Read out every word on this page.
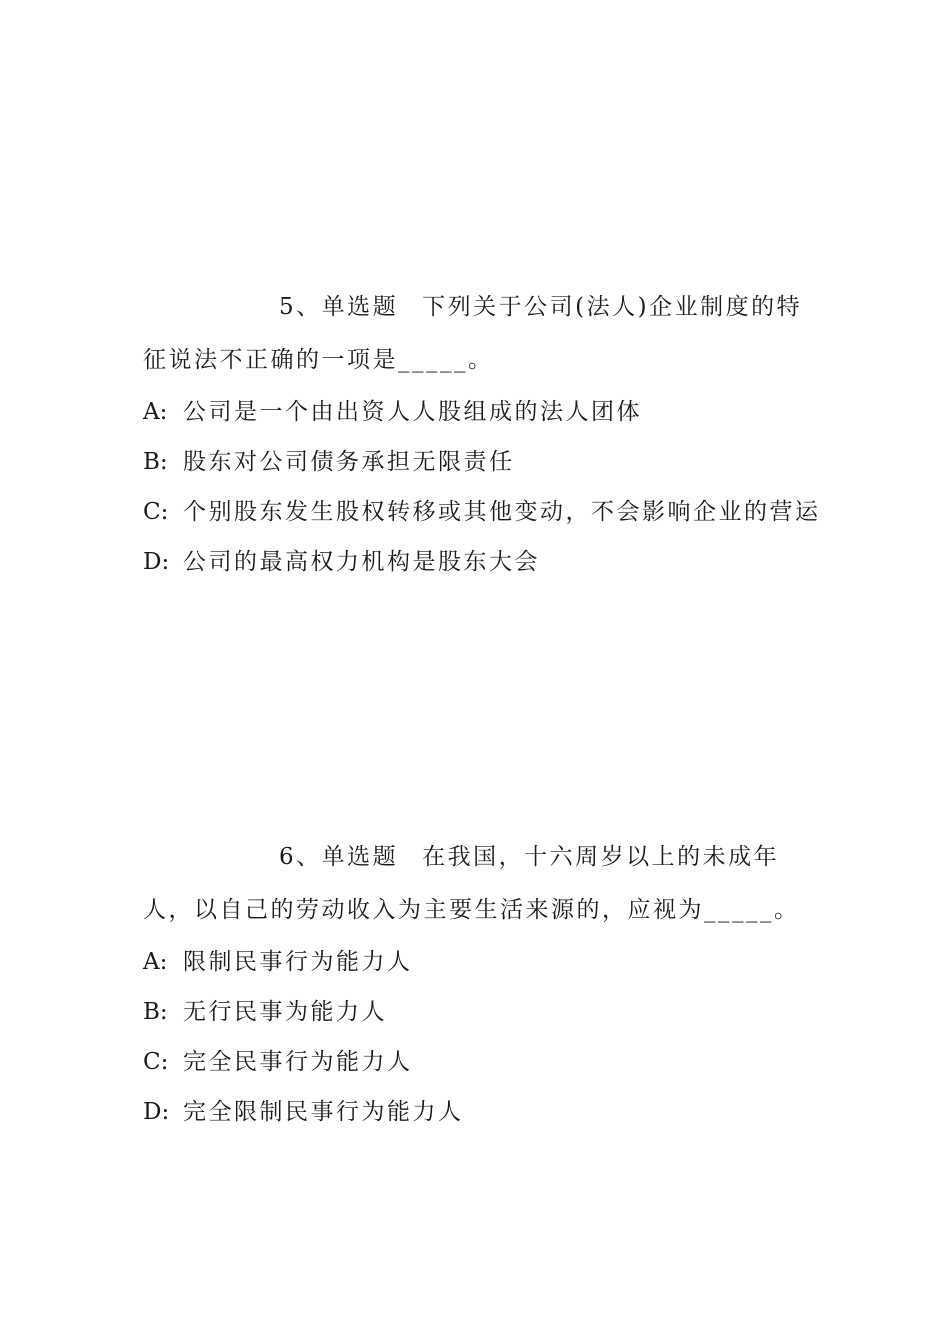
5、单选题 下列关于公司(法人)企业制度的特征说法不正确的一项是_____。

A: 公司是一个由出资人人股组成的法人团体
B: 股东对公司债务承担无限责任
C: 个别股东发生股权转移或其他变动，不会影响企业的营运
D: 公司的最高权力机构是股东大会

6、单选题 在我国，十六周岁以上的未成年人，以自己的劳动收入为主要生活来源的，应视为_____。

A: 限制民事行为能力人
B: 无行民事为能力人
C: 完全民事行为能力人
D: 完全限制民事行为能力人
